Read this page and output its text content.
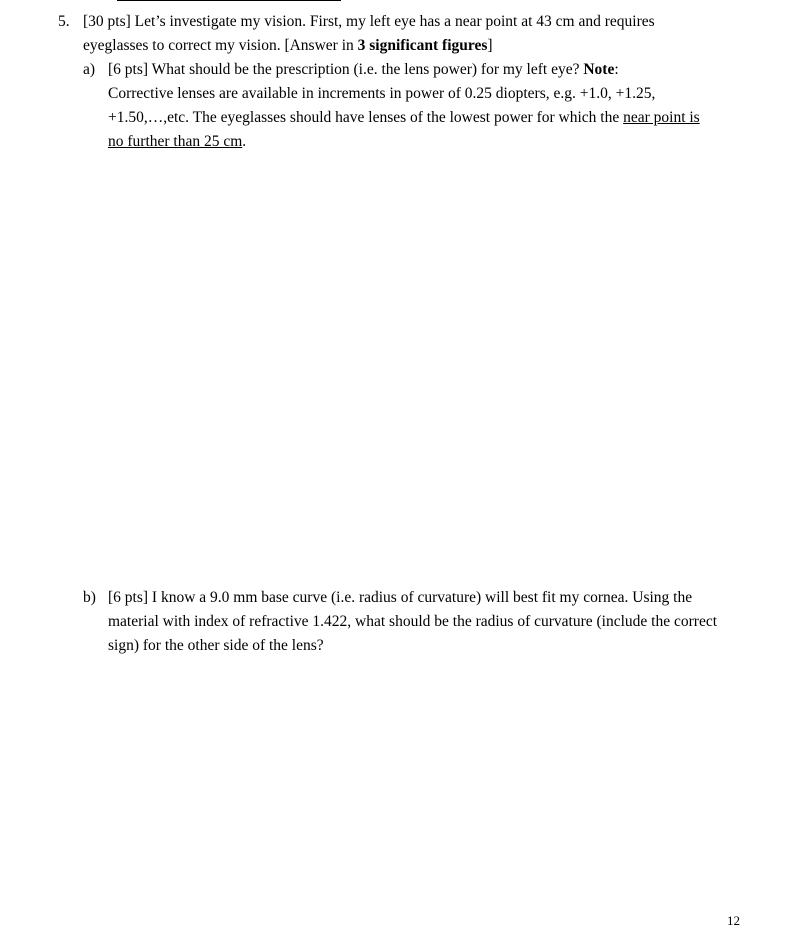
5. [30 pts] Let’s investigate my vision. First, my left eye has a near point at 43 cm and requires
eyeglasses to correct my vision. [Answer in 3 significant figures]
a) [6 pts] What should be the prescription (i.e. the lens power) for my left eye? Note:
Corrective lenses are available in increments in power of 0.25 diopters, e.g. +1.0, +1.25,
+1.50,…,etc. The eyeglasses should have lenses of the lowest power for which the near point is
no further than 25 cm.
b) [6 pts] I know a 9.0 mm base curve (i.e. radius of curvature) will best fit my cornea. Using the
material with index of refractive 1.422, what should be the radius of curvature (include the correct
sign) for the other side of the lens?
12
